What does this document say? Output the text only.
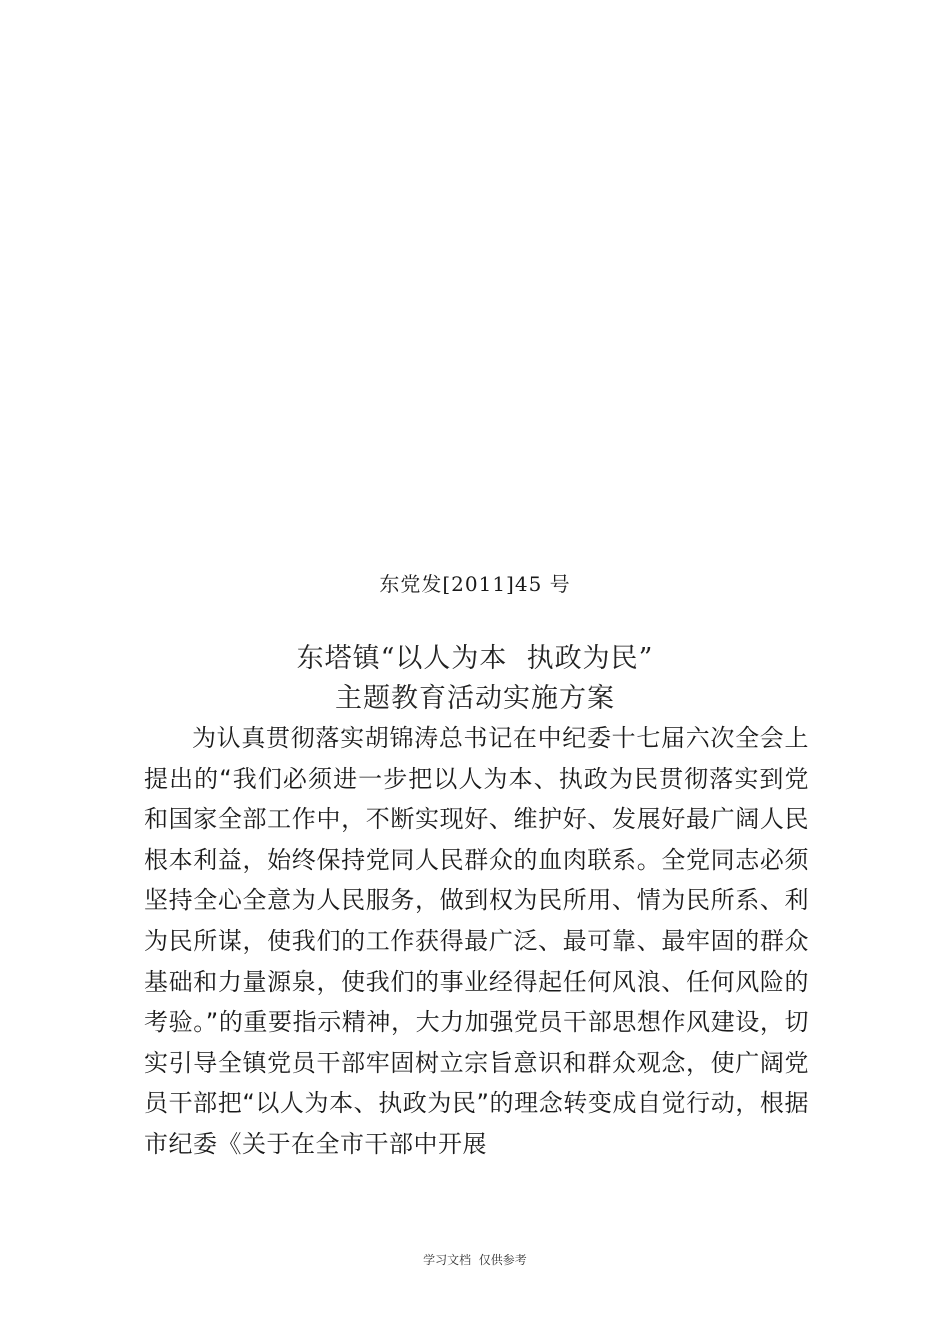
东党发[2011]45 号
东塔镇“以人为本  执政为民”
主题教育活动实施方案

为认真贯彻落实胡锦涛总书记在中纪委十七届六次全会上提出的“我们必须进一步把以人为本、执政为民贯彻落实到党和国家全部工作中，不断实现好、维护好、发展好最广阔人民根本利益，始终保持党同人民群众的血肉联系。全党同志必须坚持全心全意为人民服务，做到权为民所用、情为民所系、利为民所谋，使我们的工作获得最广泛、最可靠、最牢固的群众基础和力量源泉，使我们的事业经得起任何风浪、任何风险的考验。”的重要指示精神，大力加强党员干部思想作风建设，切实引导全镇党员干部牢固树立宗旨意识和群众观念，使广阔党员干部把“以人为本、执政为民”的理念转变成自觉行动，根据市纪委《关于在全市干部中开展

学习文档  仅供参考
